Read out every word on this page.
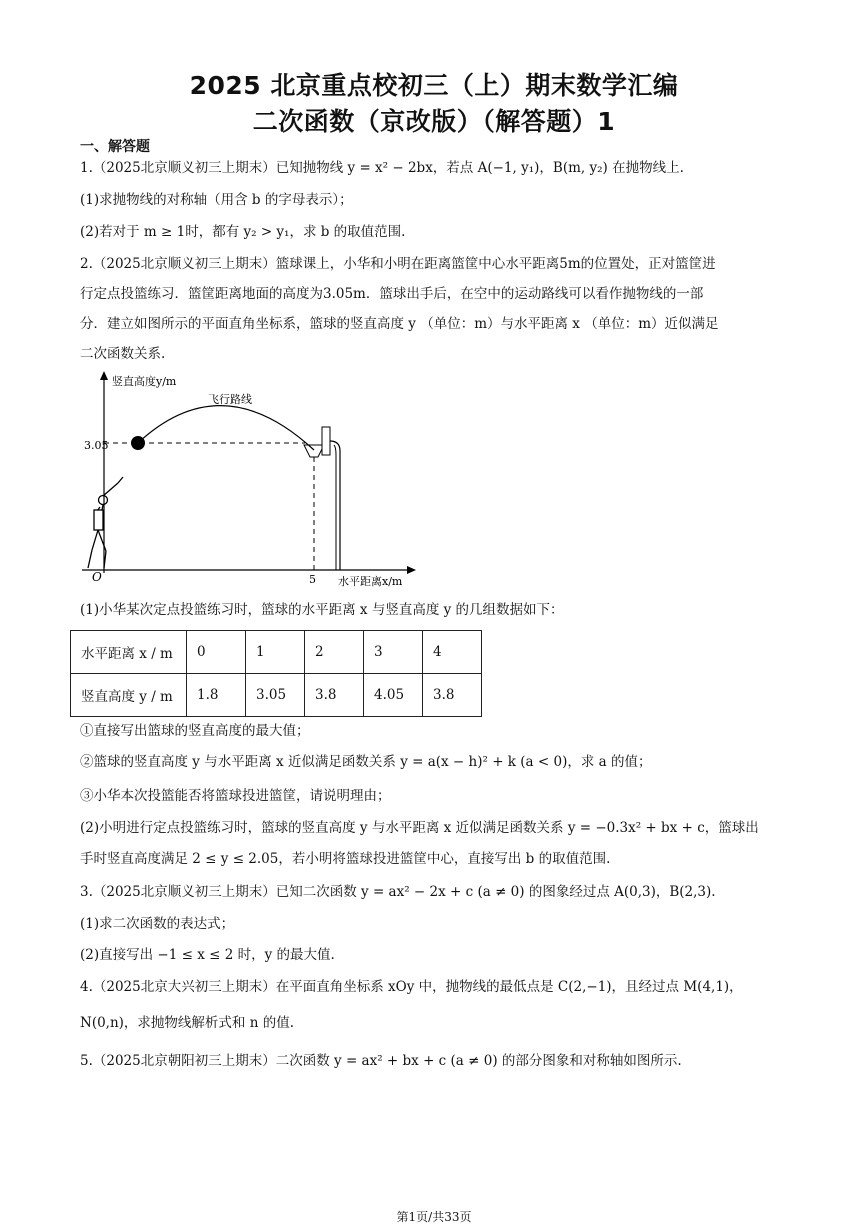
2025 北京重点校初三（上）期末数学汇编
二次函数（京改版）（解答题）1
一、解答题
1.（2025北京顺义初三上期末）已知抛物线 y = x² − 2bx，若点 A(−1, y₁)，B(m, y₂) 在抛物线上.
(1)求抛物线的对称轴（用含 b 的字母表示）；
(2)若对于 m ≥ 1时，都有 y₂ > y₁，求 b 的取值范围.
2.（2025北京顺义初三上期末）篮球课上，小华和小明在距离篮筐中心水平距离5m的位置处，正对篮筐进
行定点投篮练习．篮筐距离地面的高度为3.05m．篮球出手后，在空中的运动路线可以看作抛物线的一部
分．建立如图所示的平面直角坐标系，篮球的竖直高度 y （单位：m）与水平距离 x （单位：m）近似满足
二次函数关系.
竖直高度y/m
水平距离x/m
3.05
5
O
飞行路线
(1)小华某次定点投篮练习时，篮球的水平距离 x 与竖直高度 y 的几组数据如下：
水平距离 x / m	0	1	2	3	4
竖直高度 y / m	1.8	3.05	3.8	4.05	3.8
①直接写出篮球的竖直高度的最大值；
②篮球的竖直高度 y 与水平距离 x 近似满足函数关系 y = a(x − h)² + k (a < 0)，求 a 的值；
③小华本次投篮能否将篮球投进篮筐，请说明理由；
(2)小明进行定点投篮练习时，篮球的竖直高度 y 与水平距离 x 近似满足函数关系 y = −0.3x² + bx + c，篮球出
手时竖直高度满足 2 ≤ y ≤ 2.05，若小明将篮球投进篮筐中心，直接写出 b 的取值范围.
3.（2025北京顺义初三上期末）已知二次函数 y = ax² − 2x + c (a ≠ 0) 的图象经过点 A(0,3)，B(2,3).
(1)求二次函数的表达式；
(2)直接写出 −1 ≤ x ≤ 2 时，y 的最大值.
4.（2025北京大兴初三上期末）在平面直角坐标系 xOy 中，抛物线的最低点是 C(2,−1)，且经过点 M(4,1)，
N(0,n)，求抛物线解析式和 n 的值.
5.（2025北京朝阳初三上期末）二次函数 y = ax² + bx + c (a ≠ 0) 的部分图象和对称轴如图所示.
第1页/共33页
